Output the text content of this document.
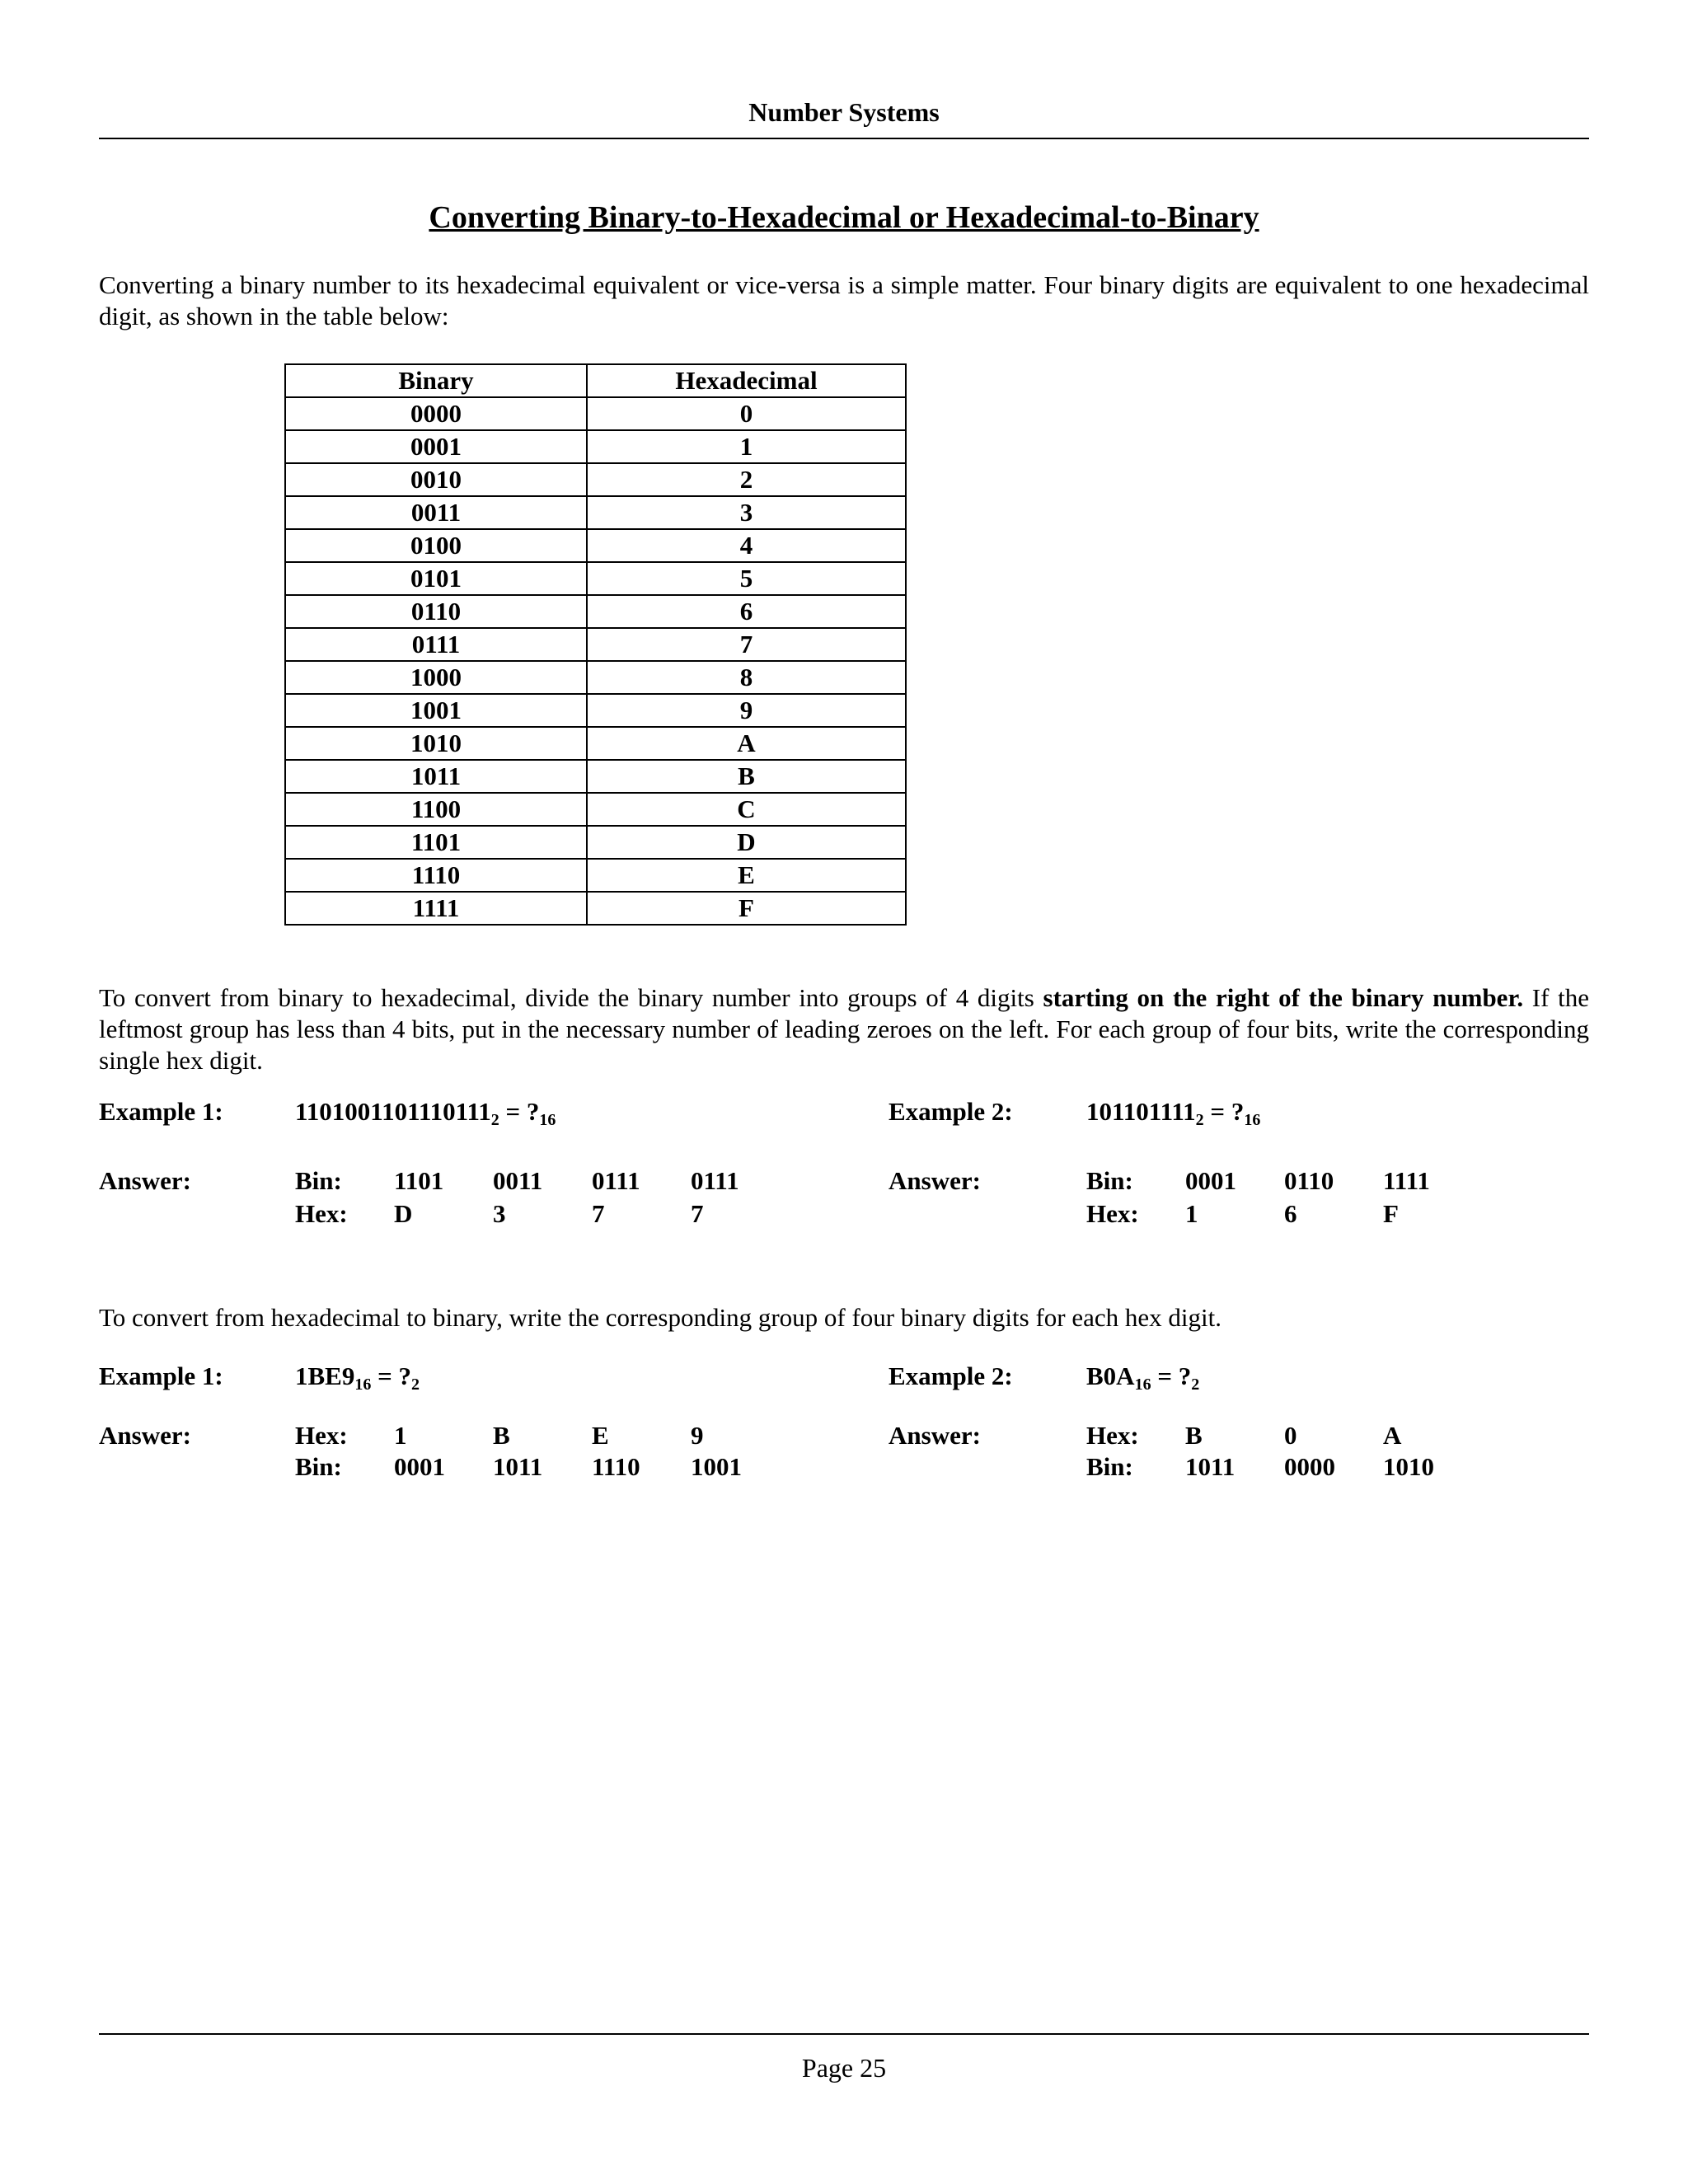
Number Systems
Converting Binary-to-Hexadecimal or Hexadecimal-to-Binary
Converting a binary number to its hexadecimal equivalent or vice-versa is a simple matter. Four binary digits are equivalent to one hexadecimal digit, as shown in the table below:
Binary	Hexadecimal
0000	0
0001	1
0010	2
0011	3
0100	4
0101	5
0110	6
0111	7
1000	8
1001	9
1010	A
1011	B
1100	C
1101	D
1110	E
1111	F
To convert from binary to hexadecimal, divide the binary number into groups of 4 digits starting on the right of the binary number. If the leftmost group has less than 4 bits, put in the necessary number of leading zeroes on the left. For each group of four bits, write the corresponding single hex digit.
Example 1:	$1101001101110111_2$ = $?_{16}$
Answer:	Bin: 1101 0011 0111 0111
Hex: D	3	7	7
Example 2:	$101101111_2$ = $?_{16}$
Answer:	Bin: 0001 0110 1111
Hex: 1	6	F
To convert from hexadecimal to binary, write the corresponding group of four binary digits for each hex digit.
Example 1:	$1BE9_{16}$ = $?_2$
Answer:	Hex: 1	B	E	9
Bin: 0001 1011 1110 1001
Example 2:	$B0A_{16}$ = $?_2$
Answer:	Hex: B	0	A
Bin: 1011 0000 1010
Page 25
